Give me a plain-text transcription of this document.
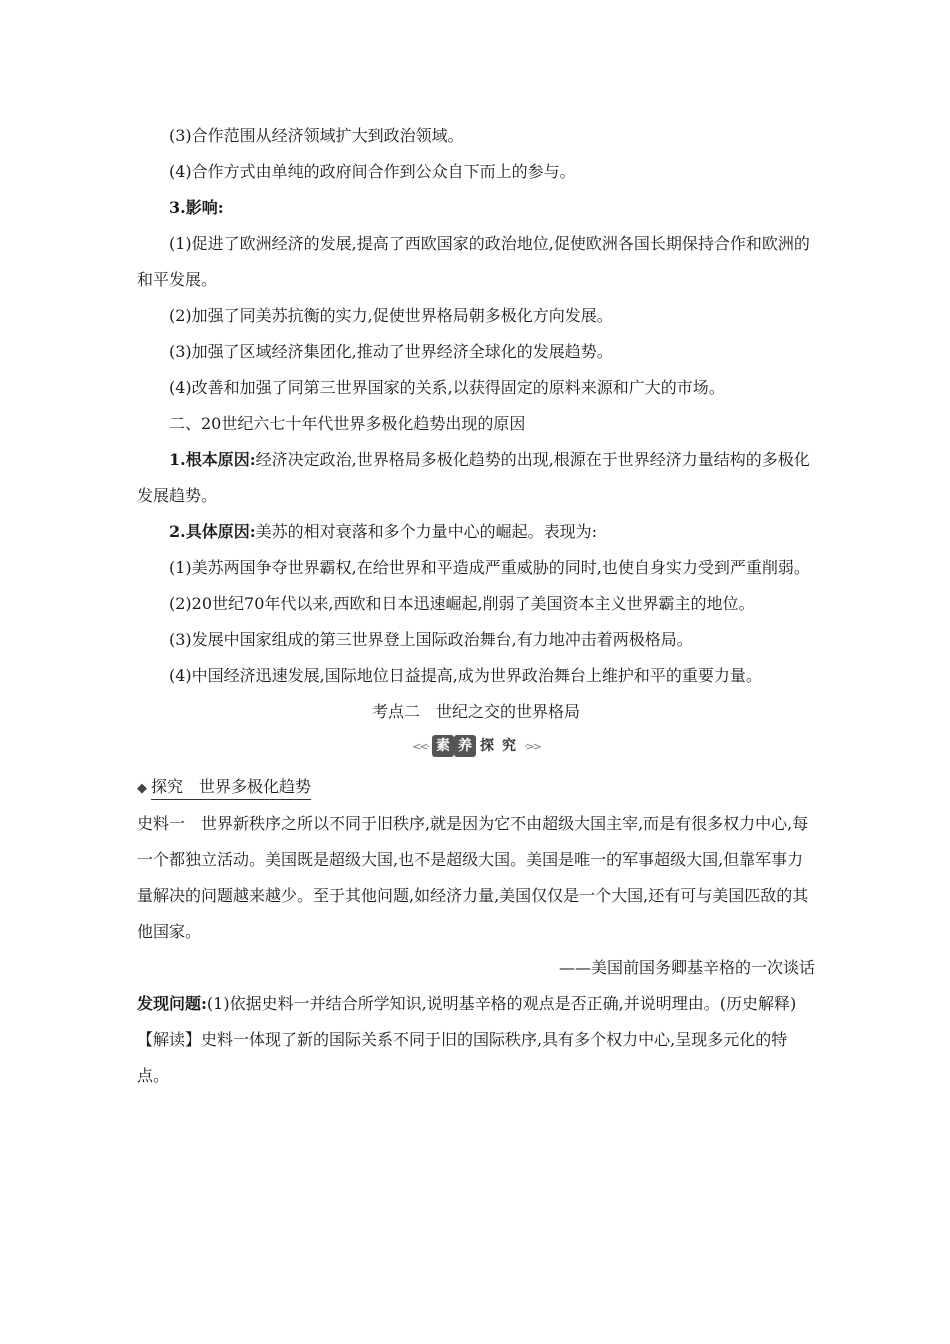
(3)合作范围从经济领域扩大到政治领域。

(4)合作方式由单纯的政府间合作到公众自下而上的参与。

3.影响:

(1)促进了欧洲经济的发展,提高了西欧国家的政治地位,促使欧洲各国长期保持合作和欧洲的和平发展。

(2)加强了同美苏抗衡的实力,促使世界格局朝多极化方向发展。

(3)加强了区域经济集团化,推动了世界经济全球化的发展趋势。

(4)改善和加强了同第三世界国家的关系,以获得固定的原料来源和广大的市场。

二、20世纪六七十年代世界多极化趋势出现的原因

1.根本原因:经济决定政治,世界格局多极化趋势的出现,根源在于世界经济力量结构的多极化发展趋势。

2.具体原因:美苏的相对衰落和多个力量中心的崛起。表现为:

(1)美苏两国争夺世界霸权,在给世界和平造成严重威胁的同时,也使自身实力受到严重削弱。

(2)20世纪70年代以来,西欧和日本迅速崛起,削弱了美国资本主义世界霸主的地位。

(3)发展中国家组成的第三世界登上国际政治舞台,有力地冲击着两极格局。

(4)中国经济迅速发展,国际地位日益提高,成为世界政治舞台上维护和平的重要力量。

考点二　世纪之交的世界格局

<<· 素 养 探 究 ·>>
◆ 探究　世界多极化趋势

史料一　世界新秩序之所以不同于旧秩序,就是因为它不由超级大国主宰,而是有很多权力中心,每一个都独立活动。美国既是超级大国,也不是超级大国。美国是唯一的军事超级大国,但靠军事力量解决的问题越来越少。至于其他问题,如经济力量,美国仅仅是一个大国,还有可与美国匹敌的其他国家。

——美国前国务卿基辛格的一次谈话

发现问题:(1)依据史料一并结合所学知识,说明基辛格的观点是否正确,并说明理由。(历史解释)

【解读】史料一体现了新的国际关系不同于旧的国际秩序,具有多个权力中心,呈现多元化的特点。
